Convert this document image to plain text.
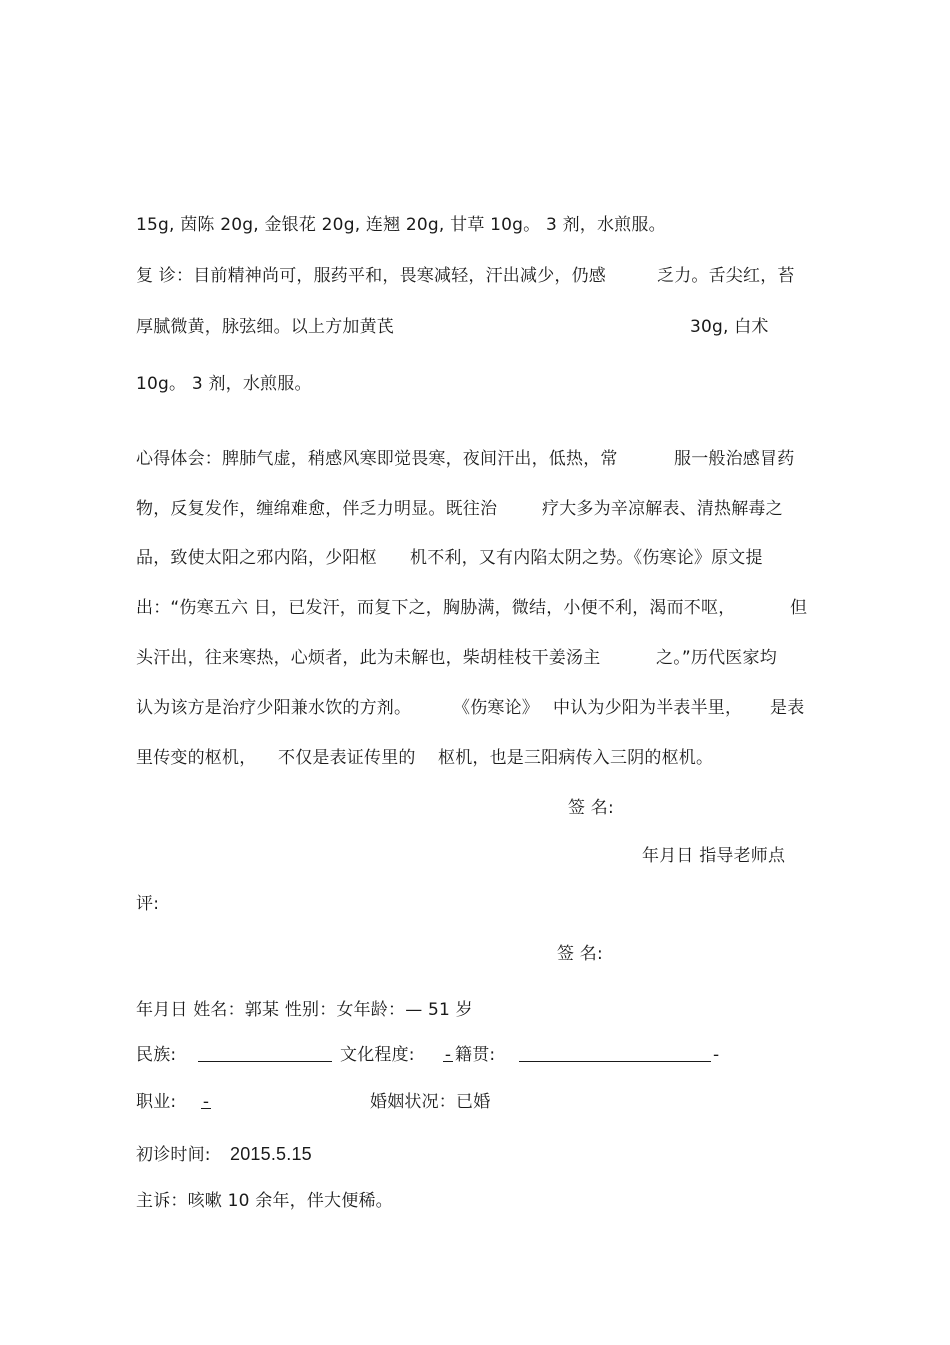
15g, 茵陈 20g, 金银花 20g, 连翘 20g, 甘草 10g。 3 剂，水煎服。
复 诊：目前精神尚可，服药平和，畏寒减轻，汗出减少，仍感	乏力。舌尖红，苔
厚腻微黄，脉弦细。以上方加黄芪	30g, 白术
10g。 3 剂，水煎服。
心得体会：脾肺气虚，稍感风寒即觉畏寒，夜间汗出，低热，常	服一般治感冒药
物，反复发作，缠绵难愈，伴乏力明显。既往治	疗大多为辛凉解表、清热解毒之
品，致使太阳之邪内陷，少阳枢 机不利，又有内陷太阴之势。《伤寒论》原文提
出：“伤寒五六 日，已发汗，而复下之，胸胁满，微结，小便不利，渴而不呕，	但
头汗出，往来寒热，心烦者，此为未解也，柴胡桂枝干姜汤主	之。”历代医家均
认为该方是治疗少阳兼水饮的方剂。 《伤寒论》 中认为少阳为半表半里， 是表
里传变的枢机， 不仅是表证传里的 枢机，也是三阳病传入三阴的枢机。
签 名:
年月日 指导老师点
评:
签 名:
年月日 姓名：郭某 性别：女年龄：— 51 岁
民族:	文化程度: - 籍贯:	-
职业: -	婚姻状况：已婚
初诊时间: 2015.5.15
主诉：咳嗽 10 余年，伴大便稀。
